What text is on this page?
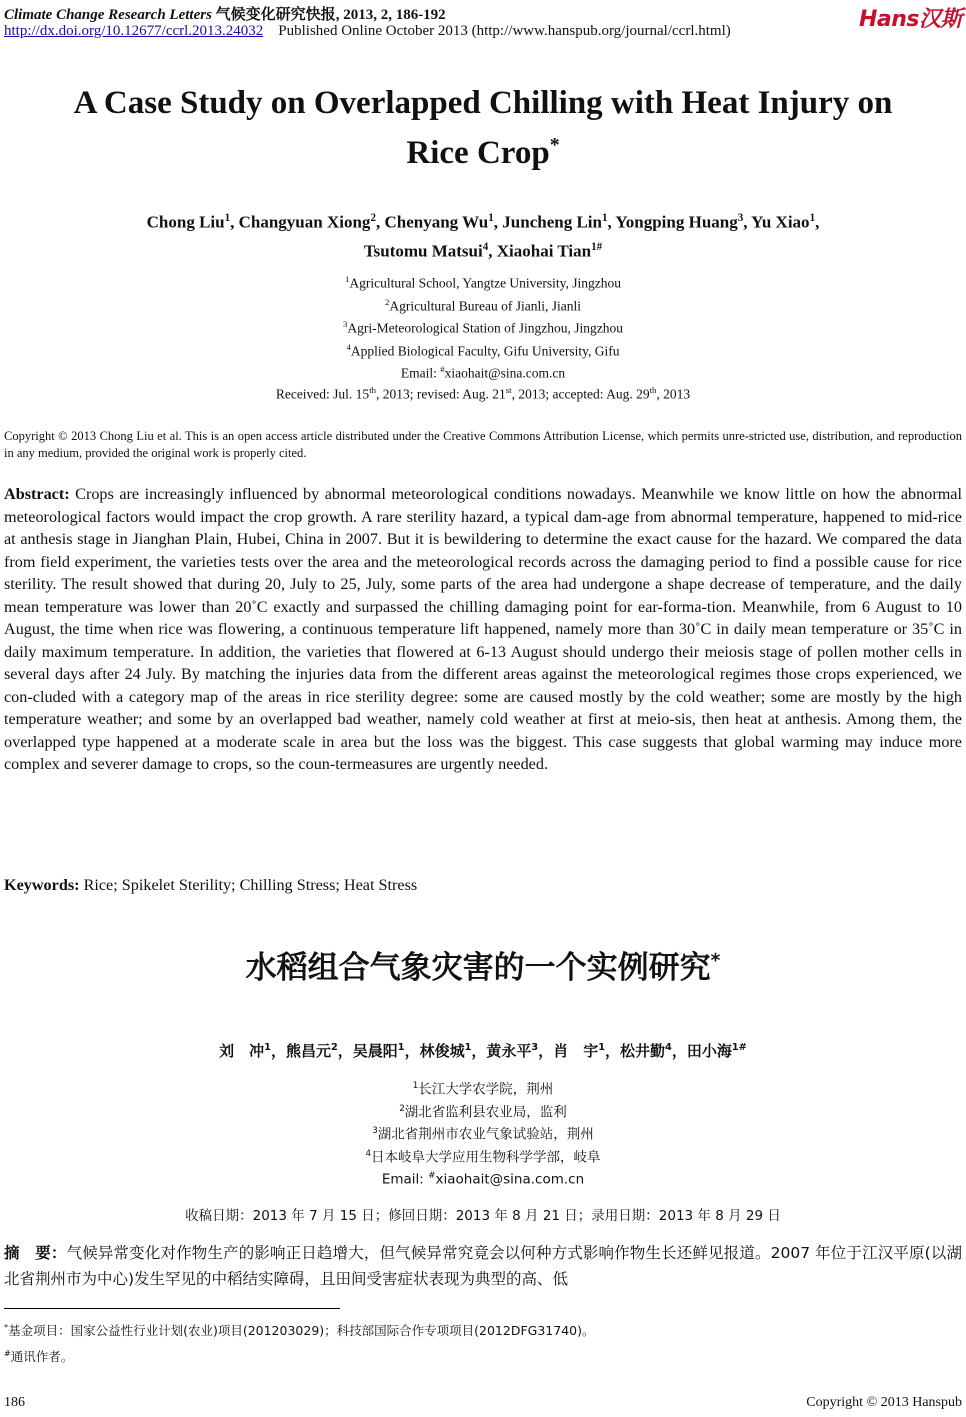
Climate Change Research Letters 气候变化研究快报, 2013, 2, 186-192	Hans汉斯
http://dx.doi.org/10.12677/ccrl.2013.24032 Published Online October 2013 (http://www.hanspub.org/journal/ccrl.html)
A Case Study on Overlapped Chilling with Heat Injury on
Rice Crop*
Chong Liu$^1$, Changyuan Xiong$^2$, Chenyang Wu$^1$, Juncheng Lin$^1$, Yongping Huang$^3$, Yu Xiao$^1$,
Tsutomu Matsui$^4$, Xiaohai Tian$^{1\#}$
$^1$Agricultural School, Yangtze University, Jingzhou
$^2$Agricultural Bureau of Jianli, Jianli
$^3$Agri-Meteorological Station of Jingzhou, Jingzhou
$^4$Applied Biological Faculty, Gifu University, Gifu
Email: #xiaohait@sina.com.cn
Received: Jul. 15th, 2013; revised: Aug. 21st, 2013; accepted: Aug. 29th, 2013
Copyright © 2013 Chong Liu et al. This is an open access article distributed under the Creative Commons Attribution License, which permits unre-stricted use, distribution, and reproduction in any medium, provided the original work is properly cited.
Abstract: Crops are increasingly influenced by abnormal meteorological conditions nowadays. Meanwhile we know little on how the abnormal meteorological factors would impact the crop growth. A rare sterility hazard, a typical dam-age from abnormal temperature, happened to mid-rice at anthesis stage in Jianghan Plain, Hubei, China in 2007. But it is bewildering to determine the exact cause for the hazard. We compared the data from field experiment, the varieties tests over the area and the meteorological records across the damaging period to find a possible cause for rice sterility. The result showed that during 20, July to 25, July, some parts of the area had undergone a shape decrease of temperature, and the daily mean temperature was lower than 20˚C exactly and surpassed the chilling damaging point for ear-forma-tion. Meanwhile, from 6 August to 10 August, the time when rice was flowering, a continuous temperature lift happened, namely more than 30˚C in daily mean temperature or 35˚C in daily maximum temperature. In addition, the varieties that flowered at 6-13 August should undergo their meiosis stage of pollen mother cells in several days after 24 July. By matching the injuries data from the different areas against the meteorological regimes those crops experienced, we con-cluded with a category map of the areas in rice sterility degree: some are caused mostly by the cold weather; some are mostly by the high temperature weather; and some by an overlapped bad weather, namely cold weather at first at meio-sis, then heat at anthesis. Among them, the overlapped type happened at a moderate scale in area but the loss was the biggest. This case suggests that global warming may induce more complex and severer damage to crops, so the coun-termeasures are urgently needed.
Keywords: Rice; Spikelet Sterility; Chilling Stress; Heat Stress
水稻组合气象灾害的一个实例研究*
刘　冲$^1$，熊昌元$^2$，吴晨阳$^1$，林俊城$^1$，黄永平$^3$，肖　宇$^1$，松井勤$^4$，田小海$^{1\#}$
$^1$长江大学农学院，荆州
$^2$湖北省监利县农业局，监利
$^3$湖北省荆州市农业气象试验站，荆州
$^4$日本岐阜大学应用生物科学学部，岐阜
Email: #xiaohait@sina.com.cn
收稿日期：2013 年 7 月 15 日；修回日期：2013 年 8 月 21 日；录用日期：2013 年 8 月 29 日
摘　要：气候异常变化对作物生产的影响正日趋增大，但气候异常究竟会以何种方式影响作物生长还鲜见报道。2007 年位于江汉平原(以湖北省荆州市为中心)发生罕见的中稻结实障碍，且田间受害症状表现为典型的高、低
*基金项目：国家公益性行业计划(农业)项目(201203029)；科技部国际合作专项项目(2012DFG31740)。
#通讯作者。
186	Copyright © 2013 Hanspub
